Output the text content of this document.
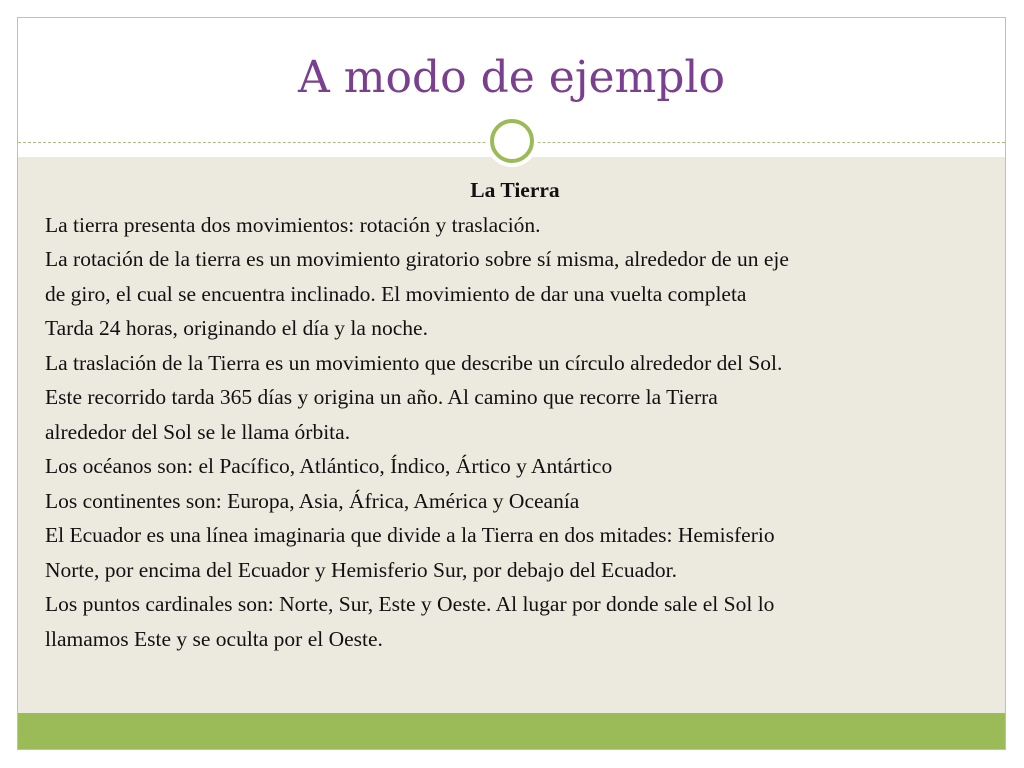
A modo de ejemplo
La Tierra
La tierra presenta dos movimientos: rotación y traslación.
La rotación de la tierra es un movimiento giratorio sobre sí misma, alrededor de un eje
de giro, el cual se encuentra inclinado. El movimiento de dar una vuelta completa
Tarda 24 horas, originando el día y la noche.
La traslación de la Tierra es un movimiento que describe un círculo alrededor del Sol.
Este recorrido tarda 365 días y origina un año. Al camino que recorre la Tierra
alrededor del Sol se le llama órbita.
Los océanos son: el Pacífico, Atlántico, Índico, Ártico y Antártico
Los continentes son: Europa, Asia, África, América y Oceanía
El Ecuador es una línea imaginaria que divide a la Tierra en dos mitades: Hemisferio
Norte, por encima del Ecuador y Hemisferio Sur, por debajo del Ecuador.
Los puntos cardinales son: Norte, Sur, Este y Oeste. Al lugar por donde sale el Sol lo
llamamos Este y se oculta por el Oeste.
